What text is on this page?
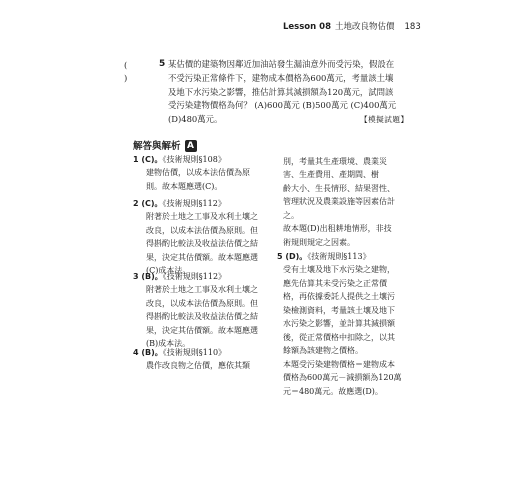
Lesson 08 土地改良物估價 183
( )
5 某估價的建築物因鄰近加油站發生漏油意外而受污染，假設在
不受污染正常條件下，建物成本價格為600萬元，考量該土壤
及地下水污染之影響，推估計算其減損額為120萬元，試問該
受污染建物價格為何？ (A)600萬元 (B)500萬元 (C)400萬元
(D)480萬元。	【模擬試題】
解答與解析 A
1 (C)。《技術規則§108》
建物估價，以成本法估價為原
則。故本題應選(C)。
2 (C)。《技術規則§112》
附著於土地之工事及水利土壤之
改良，以成本法估價為原則。但
得斟酌比較法及收益法估價之結
果，決定其估價額。故本題應選
(C)成本法。
3 (B)。《技術規則§112》
附著於土地之工事及水利土壤之
改良，以成本法估價為原則。但
得斟酌比較法及收益法估價之結
果，決定其估價額。故本題應選
(B)成本法。
4 (B)。《技術規則§110》
農作改良物之估價，應依其類
別，考量其生產環境、農業災
害、生產費用、產期間、樹
齡大小、生長情形、結果習性、
管理狀況及農業設施等因素估計
之。
故本題(D)出租耕地情形，非技
術規則規定之因素。
5 (D)。《技術規則§113》
受有土壤及地下水污染之建物，
應先估算其未受污染之正常價
格，再依據委託人提供之土壤污
染檢測資料，考量該土壤及地下
水污染之影響，並計算其減損額
後，從正常價格中扣除之，以其
餘額為該建物之價格。
本題受污染建物價格＝建物成本
價格為600萬元－減損額為120萬
元＝480萬元。故應選(D)。
